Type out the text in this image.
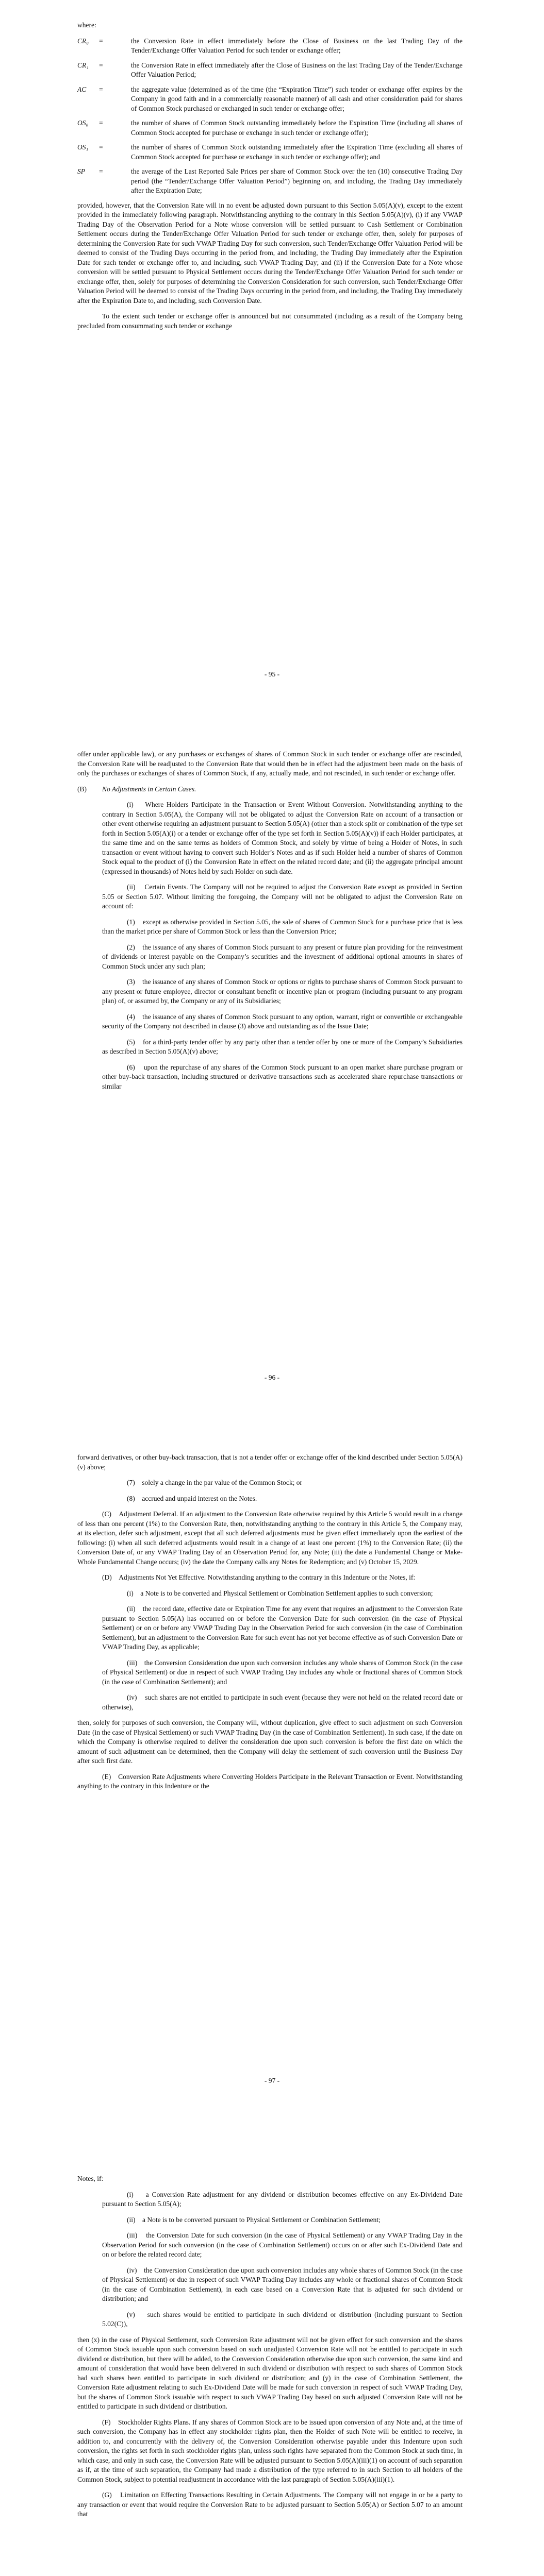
where:

CR₀	=	the Conversion Rate in effect immediately before the Close of Business on the last Trading Day of the Tender/Exchange Offer Valuation Period for such tender or exchange offer;
CR₁	=	the Conversion Rate in effect immediately after the Close of Business on the last Trading Day of the Tender/Exchange Offer Valuation Period;
AC	=	the aggregate value (determined as of the time (the “Expiration Time”) such tender or exchange offer expires by the Company in good faith and in a commercially reasonable manner) of all cash and other consideration paid for shares of Common Stock purchased or exchanged in such tender or exchange offer;
OS₀	=	the number of shares of Common Stock outstanding immediately before the Expiration Time (including all shares of Common Stock accepted for purchase or exchange in such tender or exchange offer);
OS₁	=	the number of shares of Common Stock outstanding immediately after the Expiration Time (excluding all shares of Common Stock accepted for purchase or exchange in such tender or exchange offer); and
SP	=	the average of the Last Reported Sale Prices per share of Common Stock over the ten (10) consecutive Trading Day period (the “Tender/Exchange Offer Valuation Period”) beginning on, and including, the Trading Day immediately after the Expiration Date;

provided, however, that the Conversion Rate will in no event be adjusted down pursuant to this Section 5.05(A)(v), except to the extent provided in the immediately following paragraph. Notwithstanding anything to the contrary in this Section 5.05(A)(v), (i) if any VWAP Trading Day of the Observation Period for a Note whose conversion will be settled pursuant to Cash Settlement or Combination Settlement occurs during the Tender/Exchange Offer Valuation Period for such tender or exchange offer, then, solely for purposes of determining the Conversion Rate for such VWAP Trading Day for such conversion, such Tender/Exchange Offer Valuation Period will be deemed to consist of the Trading Days occurring in the period from, and including, the Trading Day immediately after the Expiration Date for such tender or exchange offer to, and including, such VWAP Trading Day; and (ii) if the Conversion Date for a Note whose conversion will be settled pursuant to Physical Settlement occurs during the Tender/Exchange Offer Valuation Period for such tender or exchange offer, then, solely for purposes of determining the Conversion Consideration for such conversion, such Tender/Exchange Offer Valuation Period will be deemed to consist of the Trading Days occurring in the period from, and including, the Trading Day immediately after the Expiration Date to, and including, such Conversion Date.

To the extent such tender or exchange offer is announced but not consummated (including as a result of the Company being precluded from consummating such tender or exchange

- 95 -

offer under applicable law), or any purchases or exchanges of shares of Common Stock in such tender or exchange offer are rescinded, the Conversion Rate will be readjusted to the Conversion Rate that would then be in effect had the adjustment been made on the basis of only the purchases or exchanges of shares of Common Stock, if any, actually made, and not rescinded, in such tender or exchange offer.

(B) No Adjustments in Certain Cases.

(i) Where Holders Participate in the Transaction or Event Without Conversion. Notwithstanding anything to the contrary in Section 5.05(A), the Company will not be obligated to adjust the Conversion Rate on account of a transaction or other event otherwise requiring an adjustment pursuant to Section 5.05(A) (other than a stock split or combination of the type set forth in Section 5.05(A)(i) or a tender or exchange offer of the type set forth in Section 5.05(A)(v)) if each Holder participates, at the same time and on the same terms as holders of Common Stock, and solely by virtue of being a Holder of Notes, in such transaction or event without having to convert such Holder’s Notes and as if such Holder held a number of shares of Common Stock equal to the product of (i) the Conversion Rate in effect on the related record date; and (ii) the aggregate principal amount (expressed in thousands) of Notes held by such Holder on such date.

(ii) Certain Events. The Company will not be required to adjust the Conversion Rate except as provided in Section 5.05 or Section 5.07. Without limiting the foregoing, the Company will not be obligated to adjust the Conversion Rate on account of:

(1) except as otherwise provided in Section 5.05, the sale of shares of Common Stock for a purchase price that is less than the market price per share of Common Stock or less than the Conversion Price;

(2) the issuance of any shares of Common Stock pursuant to any present or future plan providing for the reinvestment of dividends or interest payable on the Company’s securities and the investment of additional optional amounts in shares of Common Stock under any such plan;

(3) the issuance of any shares of Common Stock or options or rights to purchase shares of Common Stock pursuant to any present or future employee, director or consultant benefit or incentive plan or program (including pursuant to any program plan) of, or assumed by, the Company or any of its Subsidiaries;

(4) the issuance of any shares of Common Stock pursuant to any option, warrant, right or convertible or exchangeable security of the Company not described in clause (3) above and outstanding as of the Issue Date;

(5) for a third-party tender offer by any party other than a tender offer by one or more of the Company’s Subsidiaries as described in Section 5.05(A)(v) above;

(6) upon the repurchase of any shares of the Common Stock pursuant to an open market share purchase program or other buy-back transaction, including structured or derivative transactions such as accelerated share repurchase transactions or similar

- 96 -

forward derivatives, or other buy-back transaction, that is not a tender offer or exchange offer of the kind described under Section 5.05(A)(v) above;

(7) solely a change in the par value of the Common Stock; or

(8) accrued and unpaid interest on the Notes.

(C) Adjustment Deferral. If an adjustment to the Conversion Rate otherwise required by this Article 5 would result in a change of less than one percent (1%) to the Conversion Rate, then, notwithstanding anything to the contrary in this Article 5, the Company may, at its election, defer such adjustment, except that all such deferred adjustments must be given effect immediately upon the earliest of the following: (i) when all such deferred adjustments would result in a change of at least one percent (1%) to the Conversion Rate; (ii) the Conversion Date of, or any VWAP Trading Day of an Observation Period for, any Note; (iii) the date a Fundamental Change or Make-Whole Fundamental Change occurs; (iv) the date the Company calls any Notes for Redemption; and (v) October 15, 2029.

(D) Adjustments Not Yet Effective. Notwithstanding anything to the contrary in this Indenture or the Notes, if:

(i) a Note is to be converted and Physical Settlement or Combination Settlement applies to such conversion;

(ii) the record date, effective date or Expiration Time for any event that requires an adjustment to the Conversion Rate pursuant to Section 5.05(A) has occurred on or before the Conversion Date for such conversion (in the case of Physical Settlement) or on or before any VWAP Trading Day in the Observation Period for such conversion (in the case of Combination Settlement), but an adjustment to the Conversion Rate for such event has not yet become effective as of such Conversion Date or VWAP Trading Day, as applicable;

(iii) the Conversion Consideration due upon such conversion includes any whole shares of Common Stock (in the case of Physical Settlement) or due in respect of such VWAP Trading Day includes any whole or fractional shares of Common Stock (in the case of Combination Settlement); and

(iv) such shares are not entitled to participate in such event (because they were not held on the related record date or otherwise),

then, solely for purposes of such conversion, the Company will, without duplication, give effect to such adjustment on such Conversion Date (in the case of Physical Settlement) or such VWAP Trading Day (in the case of Combination Settlement). In such case, if the date on which the Company is otherwise required to deliver the consideration due upon such conversion is before the first date on which the amount of such adjustment can be determined, then the Company will delay the settlement of such conversion until the Business Day after such first date.

(E) Conversion Rate Adjustments where Converting Holders Participate in the Relevant Transaction or Event. Notwithstanding anything to the contrary in this Indenture or the

- 97 -

Notes, if:

(i) a Conversion Rate adjustment for any dividend or distribution becomes effective on any Ex-Dividend Date pursuant to Section 5.05(A);

(ii) a Note is to be converted pursuant to Physical Settlement or Combination Settlement;

(iii) the Conversion Date for such conversion (in the case of Physical Settlement) or any VWAP Trading Day in the Observation Period for such conversion (in the case of Combination Settlement) occurs on or after such Ex-Dividend Date and on or before the related record date;

(iv) the Conversion Consideration due upon such conversion includes any whole shares of Common Stock (in the case of Physical Settlement) or due in respect of such VWAP Trading Day includes any whole or fractional shares of Common Stock (in the case of Combination Settlement), in each case based on a Conversion Rate that is adjusted for such dividend or distribution; and

(v) such shares would be entitled to participate in such dividend or distribution (including pursuant to Section 5.02(C)),

then (x) in the case of Physical Settlement, such Conversion Rate adjustment will not be given effect for such conversion and the shares of Common Stock issuable upon such conversion based on such unadjusted Conversion Rate will not be entitled to participate in such dividend or distribution, but there will be added, to the Conversion Consideration otherwise due upon such conversion, the same kind and amount of consideration that would have been delivered in such dividend or distribution with respect to such shares of Common Stock had such shares been entitled to participate in such dividend or distribution; and (y) in the case of Combination Settlement, the Conversion Rate adjustment relating to such Ex-Dividend Date will be made for such conversion in respect of such VWAP Trading Day, but the shares of Common Stock issuable with respect to such VWAP Trading Day based on such adjusted Conversion Rate will not be entitled to participate in such dividend or distribution.

(F) Stockholder Rights Plans. If any shares of Common Stock are to be issued upon conversion of any Note and, at the time of such conversion, the Company has in effect any stockholder rights plan, then the Holder of such Note will be entitled to receive, in addition to, and concurrently with the delivery of, the Conversion Consideration otherwise payable under this Indenture upon such conversion, the rights set forth in such stockholder rights plan, unless such rights have separated from the Common Stock at such time, in which case, and only in such case, the Conversion Rate will be adjusted pursuant to Section 5.05(A)(iii)(1) on account of such separation as if, at the time of such separation, the Company had made a distribution of the type referred to in such Section to all holders of the Common Stock, subject to potential readjustment in accordance with the last paragraph of Section 5.05(A)(iii)(1).

(G) Limitation on Effecting Transactions Resulting in Certain Adjustments. The Company will not engage in or be a party to any transaction or event that would require the Conversion Rate to be adjusted pursuant to Section 5.05(A) or Section 5.07 to an amount that
